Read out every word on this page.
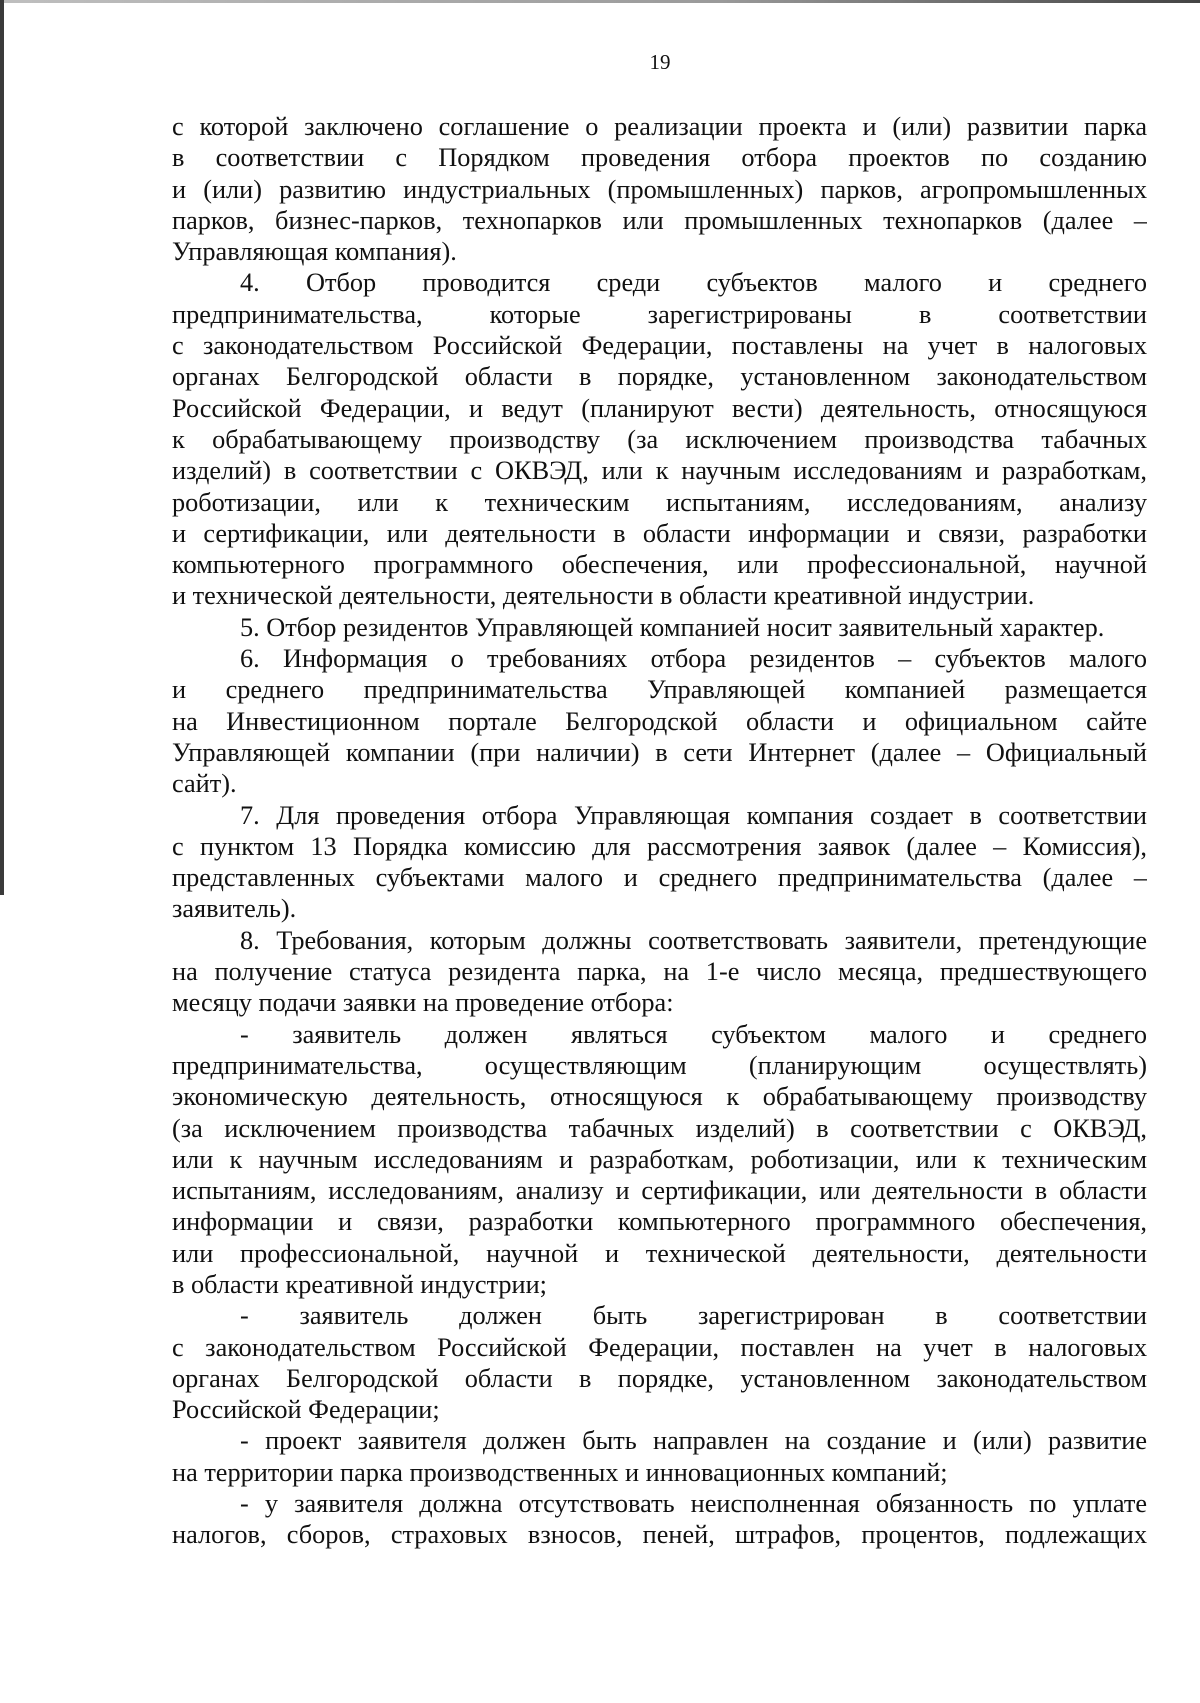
19
с которой заключено соглашение о реализации проекта и (или) развитии парка
в соответствии с Порядком проведения отбора проектов по созданию
и (или) развитию индустриальных (промышленных) парков, агропромышленных
парков, бизнес-парков, технопарков или промышленных технопарков (далее –
Управляющая компания).
4. Отбор проводится среди субъектов малого и среднего
предпринимательства, которые зарегистрированы в соответствии
с законодательством Российской Федерации, поставлены на учет в налоговых
органах Белгородской области в порядке, установленном законодательством
Российской Федерации, и ведут (планируют вести) деятельность, относящуюся
к обрабатывающему производству (за исключением производства табачных
изделий) в соответствии с ОКВЭД, или к научным исследованиям и разработкам,
роботизации, или к техническим испытаниям, исследованиям, анализу
и сертификации, или деятельности в области информации и связи, разработки
компьютерного программного обеспечения, или профессиональной, научной
и технической деятельности, деятельности в области креативной индустрии.
5. Отбор резидентов Управляющей компанией носит заявительный характер.
6. Информация о требованиях отбора резидентов – субъектов малого
и среднего предпринимательства Управляющей компанией размещается
на Инвестиционном портале Белгородской области и официальном сайте
Управляющей компании (при наличии) в сети Интернет (далее – Официальный
сайт).
7. Для проведения отбора Управляющая компания создает в соответствии
с пунктом 13 Порядка комиссию для рассмотрения заявок (далее – Комиссия),
представленных субъектами малого и среднего предпринимательства (далее –
заявитель).
8. Требования, которым должны соответствовать заявители, претендующие
на получение статуса резидента парка, на 1-е число месяца, предшествующего
месяцу подачи заявки на проведение отбора:
- заявитель должен являться субъектом малого и среднего
предпринимательства, осуществляющим (планирующим осуществлять)
экономическую деятельность, относящуюся к обрабатывающему производству
(за исключением производства табачных изделий) в соответствии с ОКВЭД,
или к научным исследованиям и разработкам, роботизации, или к техническим
испытаниям, исследованиям, анализу и сертификации, или деятельности в области
информации и связи, разработки компьютерного программного обеспечения,
или профессиональной, научной и технической деятельности, деятельности
в области креативной индустрии;
- заявитель должен быть зарегистрирован в соответствии
с законодательством Российской Федерации, поставлен на учет в налоговых
органах Белгородской области в порядке, установленном законодательством
Российской Федерации;
- проект заявителя должен быть направлен на создание и (или) развитие
на территории парка производственных и инновационных компаний;
- у заявителя должна отсутствовать неисполненная обязанность по уплате
налогов, сборов, страховых взносов, пеней, штрафов, процентов, подлежащих
